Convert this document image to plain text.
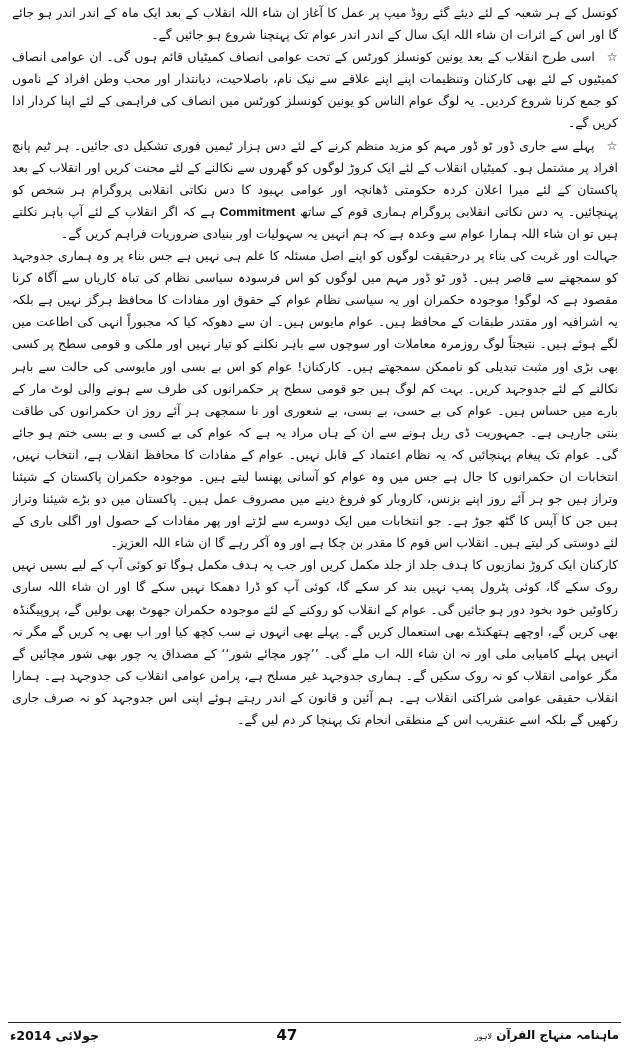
کونسل کے ہر شعبہ کے لئے دیئے گئے روڈ میپ پر عمل کا آغاز ان شاء اللہ انقلاب کے بعد ایک ماہ کے اندر اندر ہو جائے گا اور اس کے اثرات ان شاء اللہ ایک سال کے اندر اندر عوام تک پہنچنا شروع ہو جائیں گے۔

☆  اسی طرح انقلاب کے بعد یونین کونسلز کورٹس کے تحت عوامی انصاف کمیٹیاں قائم ہوں گی۔ ان عوامی انصاف کمیٹیوں کے لئے بھی کارکنان وتنظیمات اپنے اپنے علاقے سے نیک نام، باصلاحیت، دیانتدار اور محب وطن افراد کے ناموں کو جمع کرنا شروع کردیں۔ یہ لوگ عوام الناس کو یونین کونسلز کورٹس میں انصاف کی فراہمی کے لئے اپنا کردار ادا کریں گے۔

☆  پہلے سے جاری ڈور ٹو ڈور مہم کو مزید منظم کرنے کے لئے دس ہزار ٹیمیں فوری تشکیل دی جائیں۔ ہر ٹیم پانچ افراد پر مشتمل ہو۔ کمیٹیاں انقلاب کے لئے ایک کروڑ لوگوں کو گھروں سے نکالنے کے لئے محنت کریں اور انقلاب کے بعد پاکستان کے لئے میرا اعلان کردہ حکومتی ڈھانچہ اور عوامی بہبود کا دس نکاتی انقلابی پروگرام ہر شخص کو پہنچائیں۔ یہ دس نکاتی انقلابی پروگرام ہماری قوم کے ساتھ Commitment ہے کہ اگر انقلاب کے لئے آپ باہر نکلتے ہیں تو ان شاء اللہ ہمارا عوام سے وعدہ ہے کہ ہم انہیں یہ سہولیات اور بنیادی ضروریات فراہم کریں گے۔

جہالت اور غربت کی بناء پر درحقیقت لوگوں کو اپنے اصل مسئلہ کا علم ہی نہیں ہے جس بناء پر وہ ہماری جدوجہد کو سمجھنے سے قاصر ہیں۔ ڈور ٹو ڈور مہم میں لوگوں کو اس فرسودہ سیاسی نظام کی تباہ کاریاں سے آگاہ کرنا مقصود ہے کہ لوگو! موجودہ حکمران اور یہ سیاسی نظام عوام کے حقوق اور مفادات کا محافظ ہرگز نہیں ہے بلکہ یہ اشرافیہ اور مقتدر طبقات کے محافظ ہیں۔ عوام مایوس ہیں۔ ان سے دھوکہ کیا کہ مجبوراً انہی کی اطاعت میں لگے ہوئے ہیں۔ نتیجتاً لوگ روزمرہ معاملات اور سوچوں سے باہر نکلنے کو تیار نہیں اور ملکی و قومی سطح پر کسی بھی بڑی اور مثبت تبدیلی کو ناممکن سمجھتے ہیں۔ کارکنان! عوام کو اس بے بسی اور مایوسی کی حالت سے باہر نکالنے کے لئے جدوجہد کریں۔ بہت کم لوگ ہیں جو قومی سطح پر حکمرانوں کی طرف سے ہونے والی لوٹ مار کے بارے میں حساس ہیں۔ عوام کی بے حسی، بے بسی، بے شعوری اور نا سمجھی ہر آئے روز ان حکمرانوں کی طاقت بنتی جارہی ہے۔ جمہوریت ڈی ریل ہونے سے ان کے ہاں مراد یہ ہے کہ عوام کی بے کسی و بے بسی ختم ہو جائے گی۔ عوام تک پیغام پہنچائیں کہ یہ نظام اعتماد کے قابل نہیں۔ عوام کے مفادات کا محافظ انقلاب ہے، انتخاب نہیں، انتخابات ان حکمرانوں کا جال ہے جس میں وہ عوام کو آسانی پھنسا لیتے ہیں۔ موجودہ حکمران پاکستان کے شیئنا وتراز ہیں جو ہر آئے روز اپنے بزنس، کاروبار کو فروغ دینے میں مصروف عمل ہیں۔ پاکستان میں دو بڑے شیئنا وتراز ہیں جن کا آپس کا گٹھ جوڑ ہے۔ جو انتخابات میں ایک دوسرے سے لڑتے اور پھر مفادات کے حصول اور اگلی باری کے لئے دوستی کر لیتے ہیں۔ انقلاب اس قوم کا مقدر بن چکا ہے اور وہ آکر رہے گا ان شاء اللہ العزیز۔

کارکنان ایک کروڑ نمازیوں کا ہدف جلد از جلد مکمل کریں اور جب یہ ہدف مکمل ہوگا تو کوئی آپ کے لیے بسیں نہیں روک سکے گا، کوئی پٹرول پمپ نہیں بند کر سکے گا، کوئی آپ کو ڈرا دھمکا نہیں سکے گا اور ان شاء اللہ ساری رکاوٹیں خود بخود دور ہو جائیں گی۔ عوام کے انقلاب کو روکنے کے لئے موجودہ حکمران جھوٹ بھی بولیں گے، پروپیگنڈہ بھی کریں گے، اوچھے ہتھکنڈے بھی استعمال کریں گے۔ پہلے بھی انہوں نے سب کچھ کیا اور اب بھی یہ کریں گے مگر نہ انہیں پہلے کامیابی ملی اور نہ ان شاء اللہ اب ملے گی۔ ’’چور مچائے شور‘‘ کے مصداق یہ چور بھی شور مچائیں گے مگر عوامی انقلاب کو نہ روک سکیں گے۔ ہماری جدوجہد غیر مسلح ہے، پرامن عوامی انقلاب کی جدوجہد ہے۔ ہمارا انقلاب حقیقی عوامی شراکتی انقلاب ہے۔ ہم آئین و قانون کے اندر رہتے ہوئے اپنی اس جدوجہد کو نہ صرف جاری رکھیں گے بلکہ اسے عنقریب اس کے منطقی انجام تک پہنچا کر دم لیں گے۔

ماہنامہ منہاج القرآن لاہور
47
جولائی 2014ء
